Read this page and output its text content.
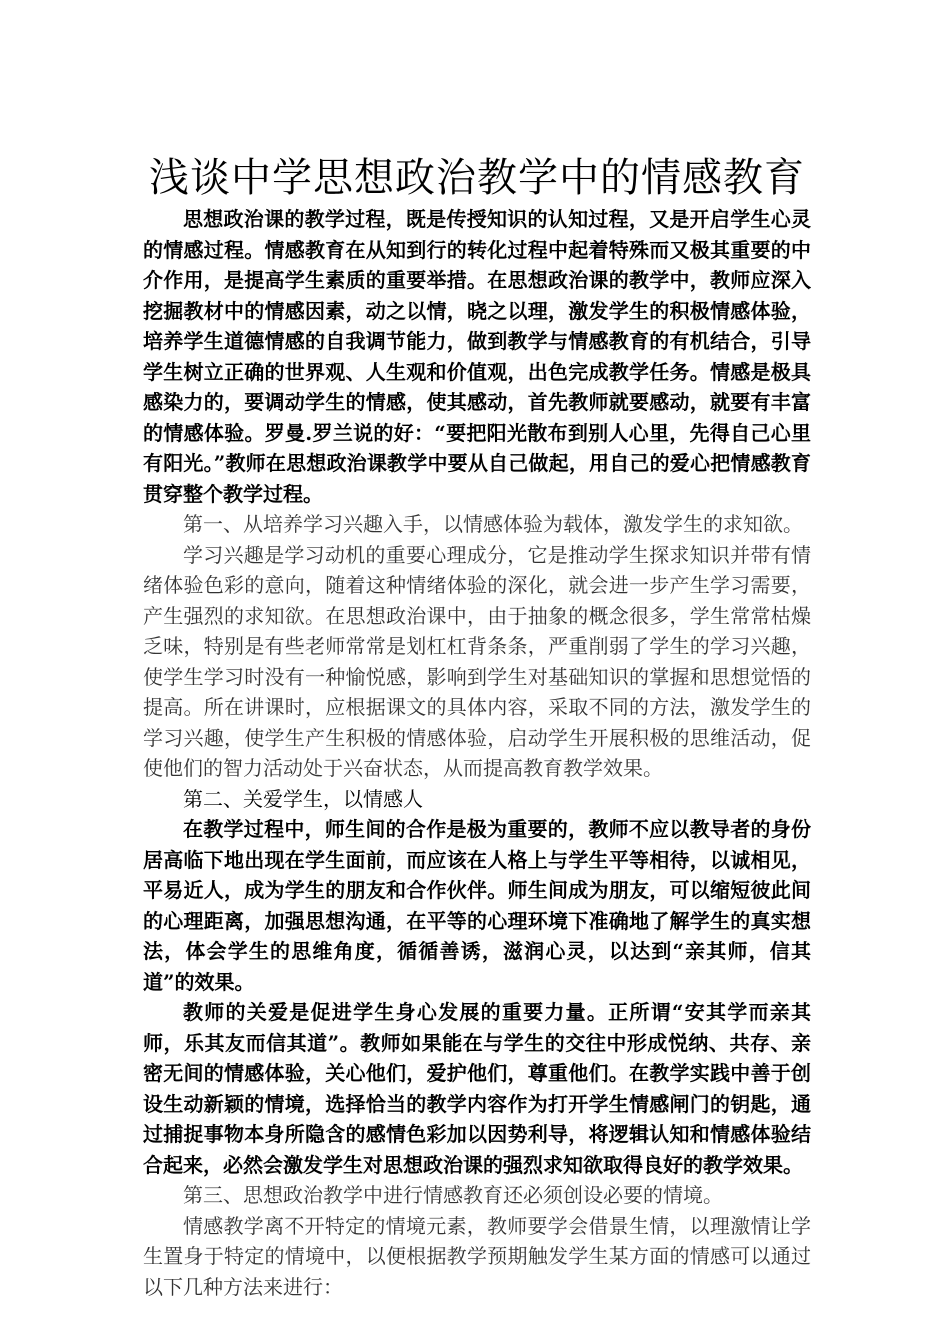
浅谈中学思想政治教学中的情感教育

思想政治课的教学过程，既是传授知识的认知过程，又是开启学生心灵的情感过程。情感教育在从知到行的转化过程中起着特殊而又极其重要的中介作用，是提高学生素质的重要举措。在思想政治课的教学中，教师应深入挖掘教材中的情感因素，动之以情，晓之以理，激发学生的积极情感体验，培养学生道德情感的自我调节能力，做到教学与情感教育的有机结合，引导学生树立正确的世界观、人生观和价值观，出色完成教学任务。情感是极具感染力的，要调动学生的情感，使其感动，首先教师就要感动，就要有丰富的情感体验。罗曼.罗兰说的好：“要把阳光散布到别人心里，先得自己心里有阳光。”教师在思想政治课教学中要从自己做起，用自己的爱心把情感教育贯穿整个教学过程。

第一、从培养学习兴趣入手，以情感体验为载体，激发学生的求知欲。

学习兴趣是学习动机的重要心理成分，它是推动学生探求知识并带有情绪体验色彩的意向，随着这种情绪体验的深化，就会进一步产生学习需要，产生强烈的求知欲。在思想政治课中，由于抽象的概念很多，学生常常枯燥乏味，特别是有些老师常常是划杠杠背条条，严重削弱了学生的学习兴趣，使学生学习时没有一种愉悦感，影响到学生对基础知识的掌握和思想觉悟的提高。所在讲课时，应根据课文的具体内容，采取不同的方法，激发学生的学习兴趣，使学生产生积极的情感体验，启动学生开展积极的思维活动，促使他们的智力活动处于兴奋状态，从而提高教育教学效果。

第二、关爱学生，以情感人

在教学过程中，师生间的合作是极为重要的，教师不应以教导者的身份居高临下地出现在学生面前，而应该在人格上与学生平等相待，以诚相见，平易近人，成为学生的朋友和合作伙伴。师生间成为朋友，可以缩短彼此间的心理距离，加强思想沟通，在平等的心理环境下准确地了解学生的真实想法，体会学生的思维角度，循循善诱，滋润心灵，以达到“亲其师，信其道”的效果。

教师的关爱是促进学生身心发展的重要力量。正所谓“安其学而亲其师，乐其友而信其道”。教师如果能在与学生的交往中形成悦纳、共存、亲密无间的情感体验，关心他们，爱护他们，尊重他们。在教学实践中善于创设生动新颖的情境，选择恰当的教学内容作为打开学生情感闸门的钥匙，通过捕捉事物本身所隐含的感情色彩加以因势利导，将逻辑认知和情感体验结合起来，必然会激发学生对思想政治课的强烈求知欲取得良好的教学效果。

第三、思想政治教学中进行情感教育还必须创设必要的情境。

情感教学离不开特定的情境元素，教师要学会借景生情，以理激情让学生置身于特定的情境中，以便根据教学预期触发学生某方面的情感可以通过以下几种方法来进行：
